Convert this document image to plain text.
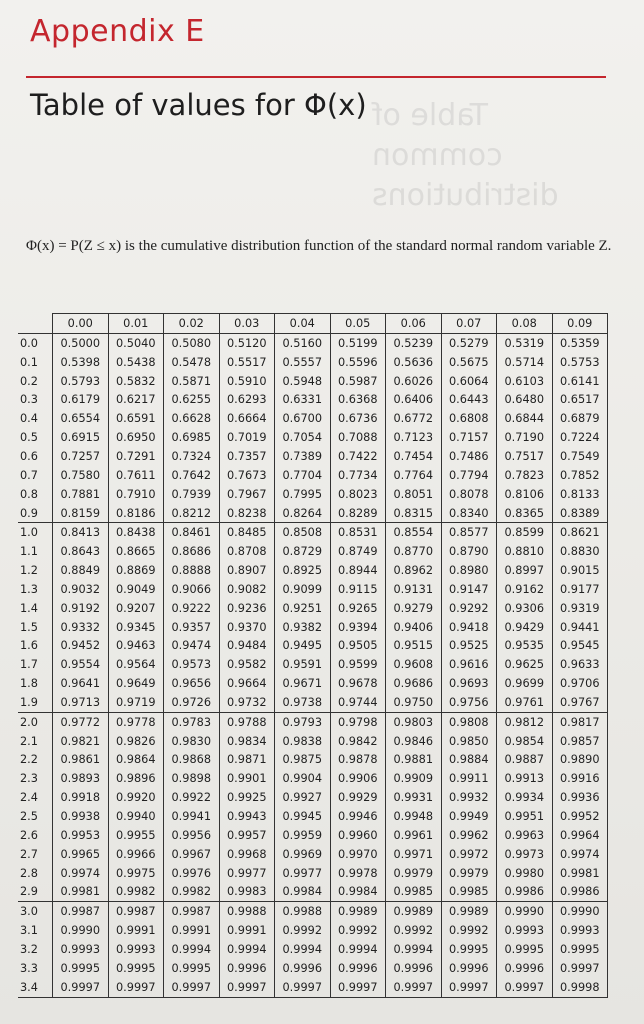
Appendix E
Table of values for Φ(x) Table of common distributions
Φ(x) = P(Z ≤ x) is the cumulative distribution function of the standard normal random variable Z.
	0.00	0.01	0.02	0.03	0.04	0.05	0.06	0.07	0.08	0.09
0.0	0.5000	0.5040	0.5080	0.5120	0.5160	0.5199	0.5239	0.5279	0.5319	0.5359
0.1	0.5398	0.5438	0.5478	0.5517	0.5557	0.5596	0.5636	0.5675	0.5714	0.5753
0.2	0.5793	0.5832	0.5871	0.5910	0.5948	0.5987	0.6026	0.6064	0.6103	0.6141
0.3	0.6179	0.6217	0.6255	0.6293	0.6331	0.6368	0.6406	0.6443	0.6480	0.6517
0.4	0.6554	0.6591	0.6628	0.6664	0.6700	0.6736	0.6772	0.6808	0.6844	0.6879
0.5	0.6915	0.6950	0.6985	0.7019	0.7054	0.7088	0.7123	0.7157	0.7190	0.7224
0.6	0.7257	0.7291	0.7324	0.7357	0.7389	0.7422	0.7454	0.7486	0.7517	0.7549
0.7	0.7580	0.7611	0.7642	0.7673	0.7704	0.7734	0.7764	0.7794	0.7823	0.7852
0.8	0.7881	0.7910	0.7939	0.7967	0.7995	0.8023	0.8051	0.8078	0.8106	0.8133
0.9	0.8159	0.8186	0.8212	0.8238	0.8264	0.8289	0.8315	0.8340	0.8365	0.8389
1.0	0.8413	0.8438	0.8461	0.8485	0.8508	0.8531	0.8554	0.8577	0.8599	0.8621
1.1	0.8643	0.8665	0.8686	0.8708	0.8729	0.8749	0.8770	0.8790	0.8810	0.8830
1.2	0.8849	0.8869	0.8888	0.8907	0.8925	0.8944	0.8962	0.8980	0.8997	0.9015
1.3	0.9032	0.9049	0.9066	0.9082	0.9099	0.9115	0.9131	0.9147	0.9162	0.9177
1.4	0.9192	0.9207	0.9222	0.9236	0.9251	0.9265	0.9279	0.9292	0.9306	0.9319
1.5	0.9332	0.9345	0.9357	0.9370	0.9382	0.9394	0.9406	0.9418	0.9429	0.9441
1.6	0.9452	0.9463	0.9474	0.9484	0.9495	0.9505	0.9515	0.9525	0.9535	0.9545
1.7	0.9554	0.9564	0.9573	0.9582	0.9591	0.9599	0.9608	0.9616	0.9625	0.9633
1.8	0.9641	0.9649	0.9656	0.9664	0.9671	0.9678	0.9686	0.9693	0.9699	0.9706
1.9	0.9713	0.9719	0.9726	0.9732	0.9738	0.9744	0.9750	0.9756	0.9761	0.9767
2.0	0.9772	0.9778	0.9783	0.9788	0.9793	0.9798	0.9803	0.9808	0.9812	0.9817
2.1	0.9821	0.9826	0.9830	0.9834	0.9838	0.9842	0.9846	0.9850	0.9854	0.9857
2.2	0.9861	0.9864	0.9868	0.9871	0.9875	0.9878	0.9881	0.9884	0.9887	0.9890
2.3	0.9893	0.9896	0.9898	0.9901	0.9904	0.9906	0.9909	0.9911	0.9913	0.9916
2.4	0.9918	0.9920	0.9922	0.9925	0.9927	0.9929	0.9931	0.9932	0.9934	0.9936
2.5	0.9938	0.9940	0.9941	0.9943	0.9945	0.9946	0.9948	0.9949	0.9951	0.9952
2.6	0.9953	0.9955	0.9956	0.9957	0.9959	0.9960	0.9961	0.9962	0.9963	0.9964
2.7	0.9965	0.9966	0.9967	0.9968	0.9969	0.9970	0.9971	0.9972	0.9973	0.9974
2.8	0.9974	0.9975	0.9976	0.9977	0.9977	0.9978	0.9979	0.9979	0.9980	0.9981
2.9	0.9981	0.9982	0.9982	0.9983	0.9984	0.9984	0.9985	0.9985	0.9986	0.9986
3.0	0.9987	0.9987	0.9987	0.9988	0.9988	0.9989	0.9989	0.9989	0.9990	0.9990
3.1	0.9990	0.9991	0.9991	0.9991	0.9992	0.9992	0.9992	0.9992	0.9993	0.9993
3.2	0.9993	0.9993	0.9994	0.9994	0.9994	0.9994	0.9994	0.9995	0.9995	0.9995
3.3	0.9995	0.9995	0.9995	0.9996	0.9996	0.9996	0.9996	0.9996	0.9996	0.9997
3.4	0.9997	0.9997	0.9997	0.9997	0.9997	0.9997	0.9997	0.9997	0.9997	0.9998
